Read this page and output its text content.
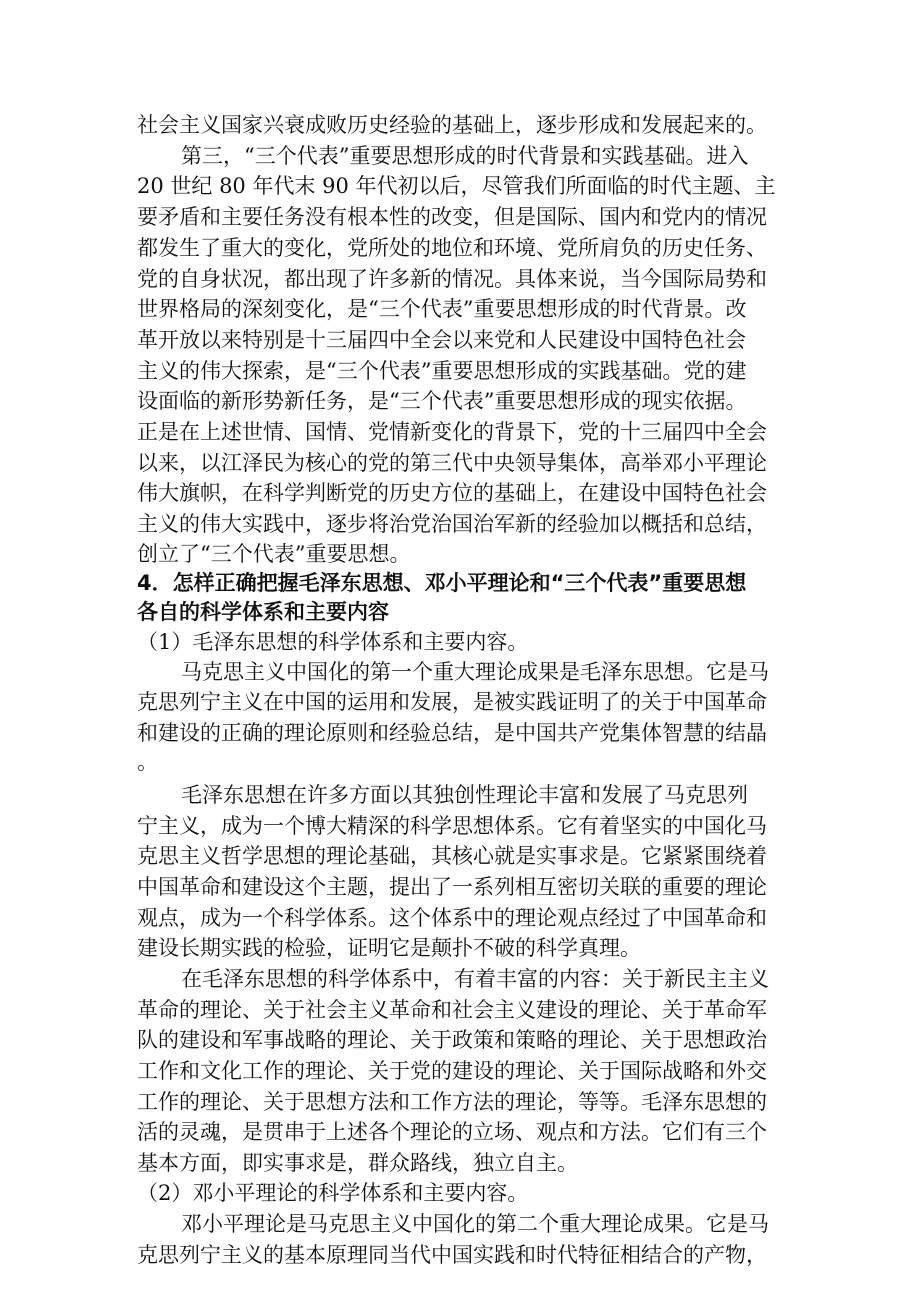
社会主义国家兴衰成败历史经验的基础上，逐步形成和发展起来的。
第三，“三个代表”重要思想形成的时代背景和实践基础。进入
20 世纪 80 年代末 90 年代初以后，尽管我们所面临的时代主题、主
要矛盾和主要任务没有根本性的改变，但是国际、国内和党内的情况
都发生了重大的变化，党所处的地位和环境、党所肩负的历史任务、
党的自身状况，都出现了许多新的情况。具体来说，当今国际局势和
世界格局的深刻变化，是“三个代表”重要思想形成的时代背景。改
革开放以来特别是十三届四中全会以来党和人民建设中国特色社会
主义的伟大探索，是“三个代表”重要思想形成的实践基础。党的建
设面临的新形势新任务，是“三个代表”重要思想形成的现实依据。
正是在上述世情、国情、党情新变化的背景下，党的十三届四中全会
以来，以江泽民为核心的党的第三代中央领导集体，高举邓小平理论
伟大旗帜，在科学判断党的历史方位的基础上，在建设中国特色社会
主义的伟大实践中，逐步将治党治国治军新的经验加以概括和总结，
创立了“三个代表”重要思想。
4．怎样正确把握毛泽东思想、邓小平理论和“三个代表”重要思想
各自的科学体系和主要内容
（1）毛泽东思想的科学体系和主要内容。
马克思主义中国化的第一个重大理论成果是毛泽东思想。它是马
克思列宁主义在中国的运用和发展，是被实践证明了的关于中国革命
和建设的正确的理论原则和经验总结，是中国共产党集体智慧的结晶
。
毛泽东思想在许多方面以其独创性理论丰富和发展了马克思列
宁主义，成为一个博大精深的科学思想体系。它有着坚实的中国化马
克思主义哲学思想的理论基础，其核心就是实事求是。它紧紧围绕着
中国革命和建设这个主题，提出了一系列相互密切关联的重要的理论
观点，成为一个科学体系。这个体系中的理论观点经过了中国革命和
建设长期实践的检验，证明它是颠扑不破的科学真理。
在毛泽东思想的科学体系中，有着丰富的内容：关于新民主主义
革命的理论、关于社会主义革命和社会主义建设的理论、关于革命军
队的建设和军事战略的理论、关于政策和策略的理论、关于思想政治
工作和文化工作的理论、关于党的建设的理论、关于国际战略和外交
工作的理论、关于思想方法和工作方法的理论，等等。毛泽东思想的
活的灵魂，是贯串于上述各个理论的立场、观点和方法。它们有三个
基本方面，即实事求是，群众路线，独立自主。
（2）邓小平理论的科学体系和主要内容。
邓小平理论是马克思主义中国化的第二个重大理论成果。它是马
克思列宁主义的基本原理同当代中国实践和时代特征相结合的产物，
